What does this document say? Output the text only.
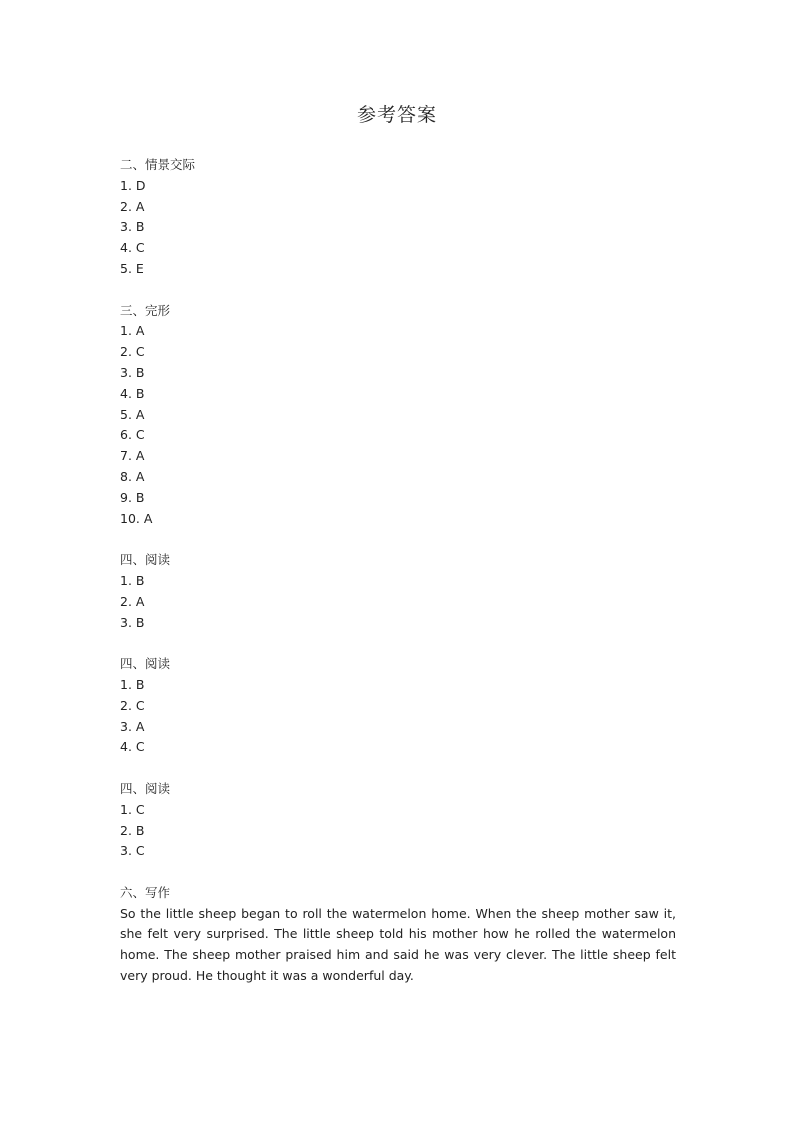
参考答案
二、情景交际
1. D
2. A
3. B
4. C
5. E
三、完形
1. A
2. C
3. B
4. B
5. A
6. C
7. A
8. A
9. B
10. A
四、阅读
1. B
2. A
3. B
四、阅读
1. B
2. C
3. A
4. C
四、阅读
1. C
2. B
3. C
六、写作

So the little sheep began to roll the watermelon home. When the sheep mother saw it, she felt very surprised. The little sheep told his mother how he rolled the watermelon home. The sheep mother praised him and said he was very clever. The little sheep felt very proud. He thought it was a wonderful day.
